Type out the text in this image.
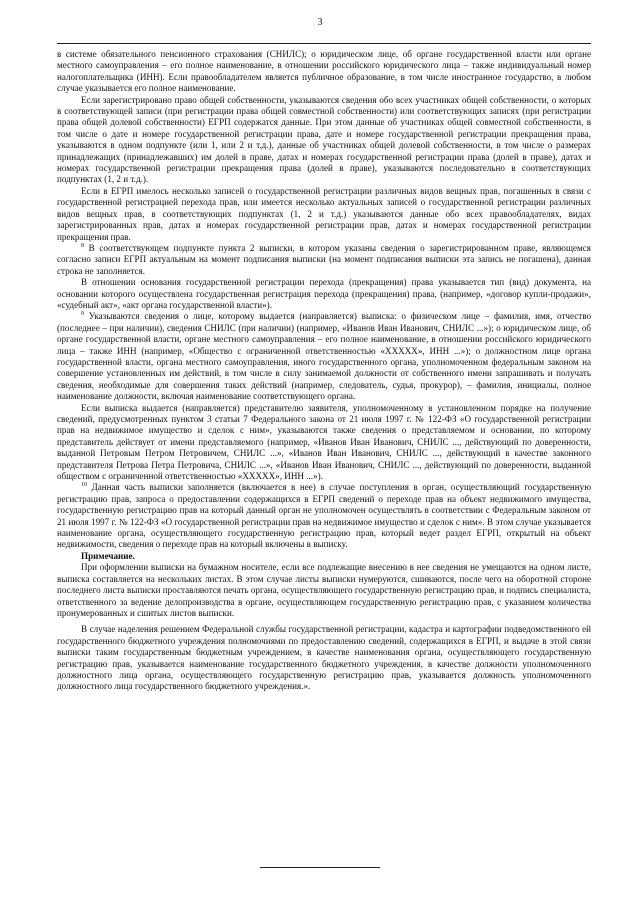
3

в системе обязательного пенсионного страхования (СНИЛС); о юридическом лице, об органе государственной власти или органе местного самоуправления – его полное наименование, в отношении российского юридического лица – также индивидуальный номер налогоплательщика (ИНН). Если правообладателем является публичное образование, в том числе иностранное государство, в любом случае указывается его полное наименование.

Если зарегистрировано право общей собственности, указываются сведения обо всех участниках общей собственности, о которых в соответствующей записи (при регистрации права общей совместной собственности) или соответствующих записях (при регистрации права общей долевой собственности) ЕГРП содержатся данные. При этом данные об участниках общей совместной собственности, в том числе о дате и номере государственной регистрации права, дате и номере государственной регистрации прекращения права, указываются в одном подпункте (или 1, или 2 и т.д.), данные об участниках общей долевой собственности, в том числе о размерах принадлежащих (принадлежавших) им долей в праве, датах и номерах государственной регистрации права (долей в праве), датах и номерах государственной регистрации прекращения права (долей в праве), указываются последовательно в соответствующих подпунктах (1, 2 и т.д.).

Если в ЕГРП имелось несколько записей о государственной регистрации различных видов вещных прав, погашенных в связи с государственной регистрацией перехода прав, или имеется несколько актуальных записей о государственной регистрации различных видов вещных прав, в соответствующих подпунктах (1, 2 и т.д.) указываются данные обо всех правообладателях, видах зарегистрированных прав, датах и номерах государственной регистрации прав, датах и номерах государственной регистрации прекращения прав.

$^8$ В соответствующем подпункте пункта 2 выписки, в котором указаны сведения о зарегистрированном праве, являющемся согласно записи ЕГРП актуальным на момент подписания выписки (на момент подписания выписки эта запись не погашена), данная строка не заполняется.

В отношении основания государственной регистрации перехода (прекращения) права указывается тип (вид) документа, на основании которого осуществлена государственная регистрация перехода (прекращения) права, (например, «договор купли-продажи», «судебный акт», «акт органа государственной власти»).

$^9$ Указываются сведения о лице, которому выдается (направляется) выписка: о физическом лице – фамилия, имя, отчество (последнее – при наличии), сведения СНИЛС (при наличии) (например, «Иванов Иван Иванович, СНИЛС ...»); о юридическом лице, об органе государственной власти, органе местного самоуправления – его полное наименование, в отношении российского юридического лица – также ИНН (например, «Общество с ограниченной ответственностью «XXXXX», ИНН ...»); о должностном лице органа государственной власти, органа местного самоуправления, иного государственного органа, уполномоченном федеральным законом на совершение установленных им действий, в том числе в силу занимаемой должности от собственного имени запрашивать и получать сведения, необходимые для совершения таких действий (например, следователь, судья, прокурор), – фамилия, инициалы, полное наименование должности, включая наименование соответствующего органа.

Если выписка выдается (направляется) представителю заявителя, уполномоченному в установленном порядке на получение сведений, предусмотренных пунктом 3 статьи 7 Федерального закона от 21 июля 1997 г. № 122-ФЗ «О государственной регистрации прав на недвижимое имущество и сделок с ним», указываются также сведения о представляемом и основании, по которому представитель действует от имени представляемого (например, «Иванов Иван Иванович, СНИЛС ..., действующий по доверенности, выданной Петровым Петром Петровичем, СНИЛС ...», «Иванов Иван Иванович, СНИЛС ..., действующий в качестве законного представителя Петрова Петра Петровича, СНИЛС ...», «Иванов Иван Иванович, СНИЛС ..., действующий по доверенности, выданной обществом с ограниченной ответственностью «XXXXX», ИНН ...»).

$^{10}$ Данная часть выписки заполняется (включается в нее) в случае поступления в орган, осуществляющий государственную регистрацию прав, запроса о предоставлении содержащихся в ЕГРП сведений о переходе прав на объект недвижимого имущества, государственную регистрацию прав на который данный орган не уполномочен осуществлять в соответствии с Федеральным законом от 21 июля 1997 г. № 122-ФЗ «О государственной регистрации прав на недвижимое имущество и сделок с ним». В этом случае указывается наименование органа, осуществляющего государственную регистрацию прав, который ведет раздел ЕГРП, открытый на объект недвижимости, сведения о переходе прав на который включены в выписку.

Примечание.

При оформлении выписки на бумажном носителе, если все подлежащие внесению в нее сведения не умещаются на одном листе, выписка составляется на нескольких листах. В этом случае листы выписки нумеруются, сшиваются, после чего на оборотной стороне последнего листа выписки проставляются печать органа, осуществляющего государственную регистрацию прав, и подпись специалиста, ответственного за ведение делопроизводства в органе, осуществляющем государственную регистрацию прав, с указанием количества пронумерованных и сшитых листов выписки.

В случае наделения решением Федеральной службы государственной регистрации, кадастра и картографии подведомственного ей государственного бюджетного учреждения полномочиями по предоставлению сведений, содержащихся в ЕГРП, и выдаче в этой связи выписки таким государственным бюджетным учреждением, в качестве наименования органа, осуществляющего государственную регистрацию прав, указывается наименование государственного бюджетного учреждения, в качестве должности уполномоченного должностного лица органа, осуществляющего государственную регистрацию прав, указывается должность уполномоченного должностного лица государственного бюджетного учреждения.».
